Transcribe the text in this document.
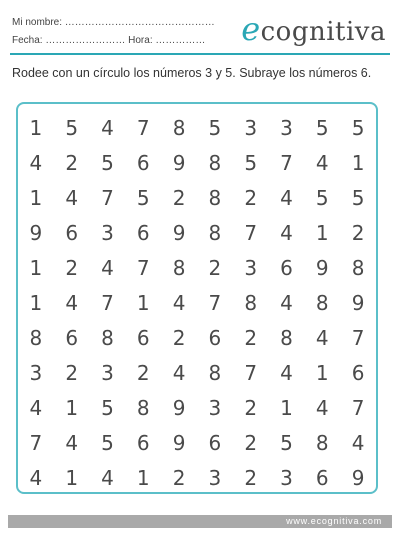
Mi nombre: ………………………………………
Fecha: …………………… Hora: …………… ecognitiva
Rodee con un círculo los números 3 y 5. Subraye los números 6.
1	5	4	7	8	5	3	3	5	5
4	2	5	6	9	8	5	7	4	1
1	4	7	5	2	8	2	4	5	5
9	6	3	6	9	8	7	4	1	2
1	2	4	7	8	2	3	6	9	8
1	4	7	1	4	7	8	4	8	9
8	6	8	6	2	6	2	8	4	7
3	2	3	2	4	8	7	4	1	6
4	1	5	8	9	3	2	1	4	7
7	4	5	6	9	6	2	5	8	4
4	1	4	1	2	3	2	3	6	9
www.ecognitiva.com
